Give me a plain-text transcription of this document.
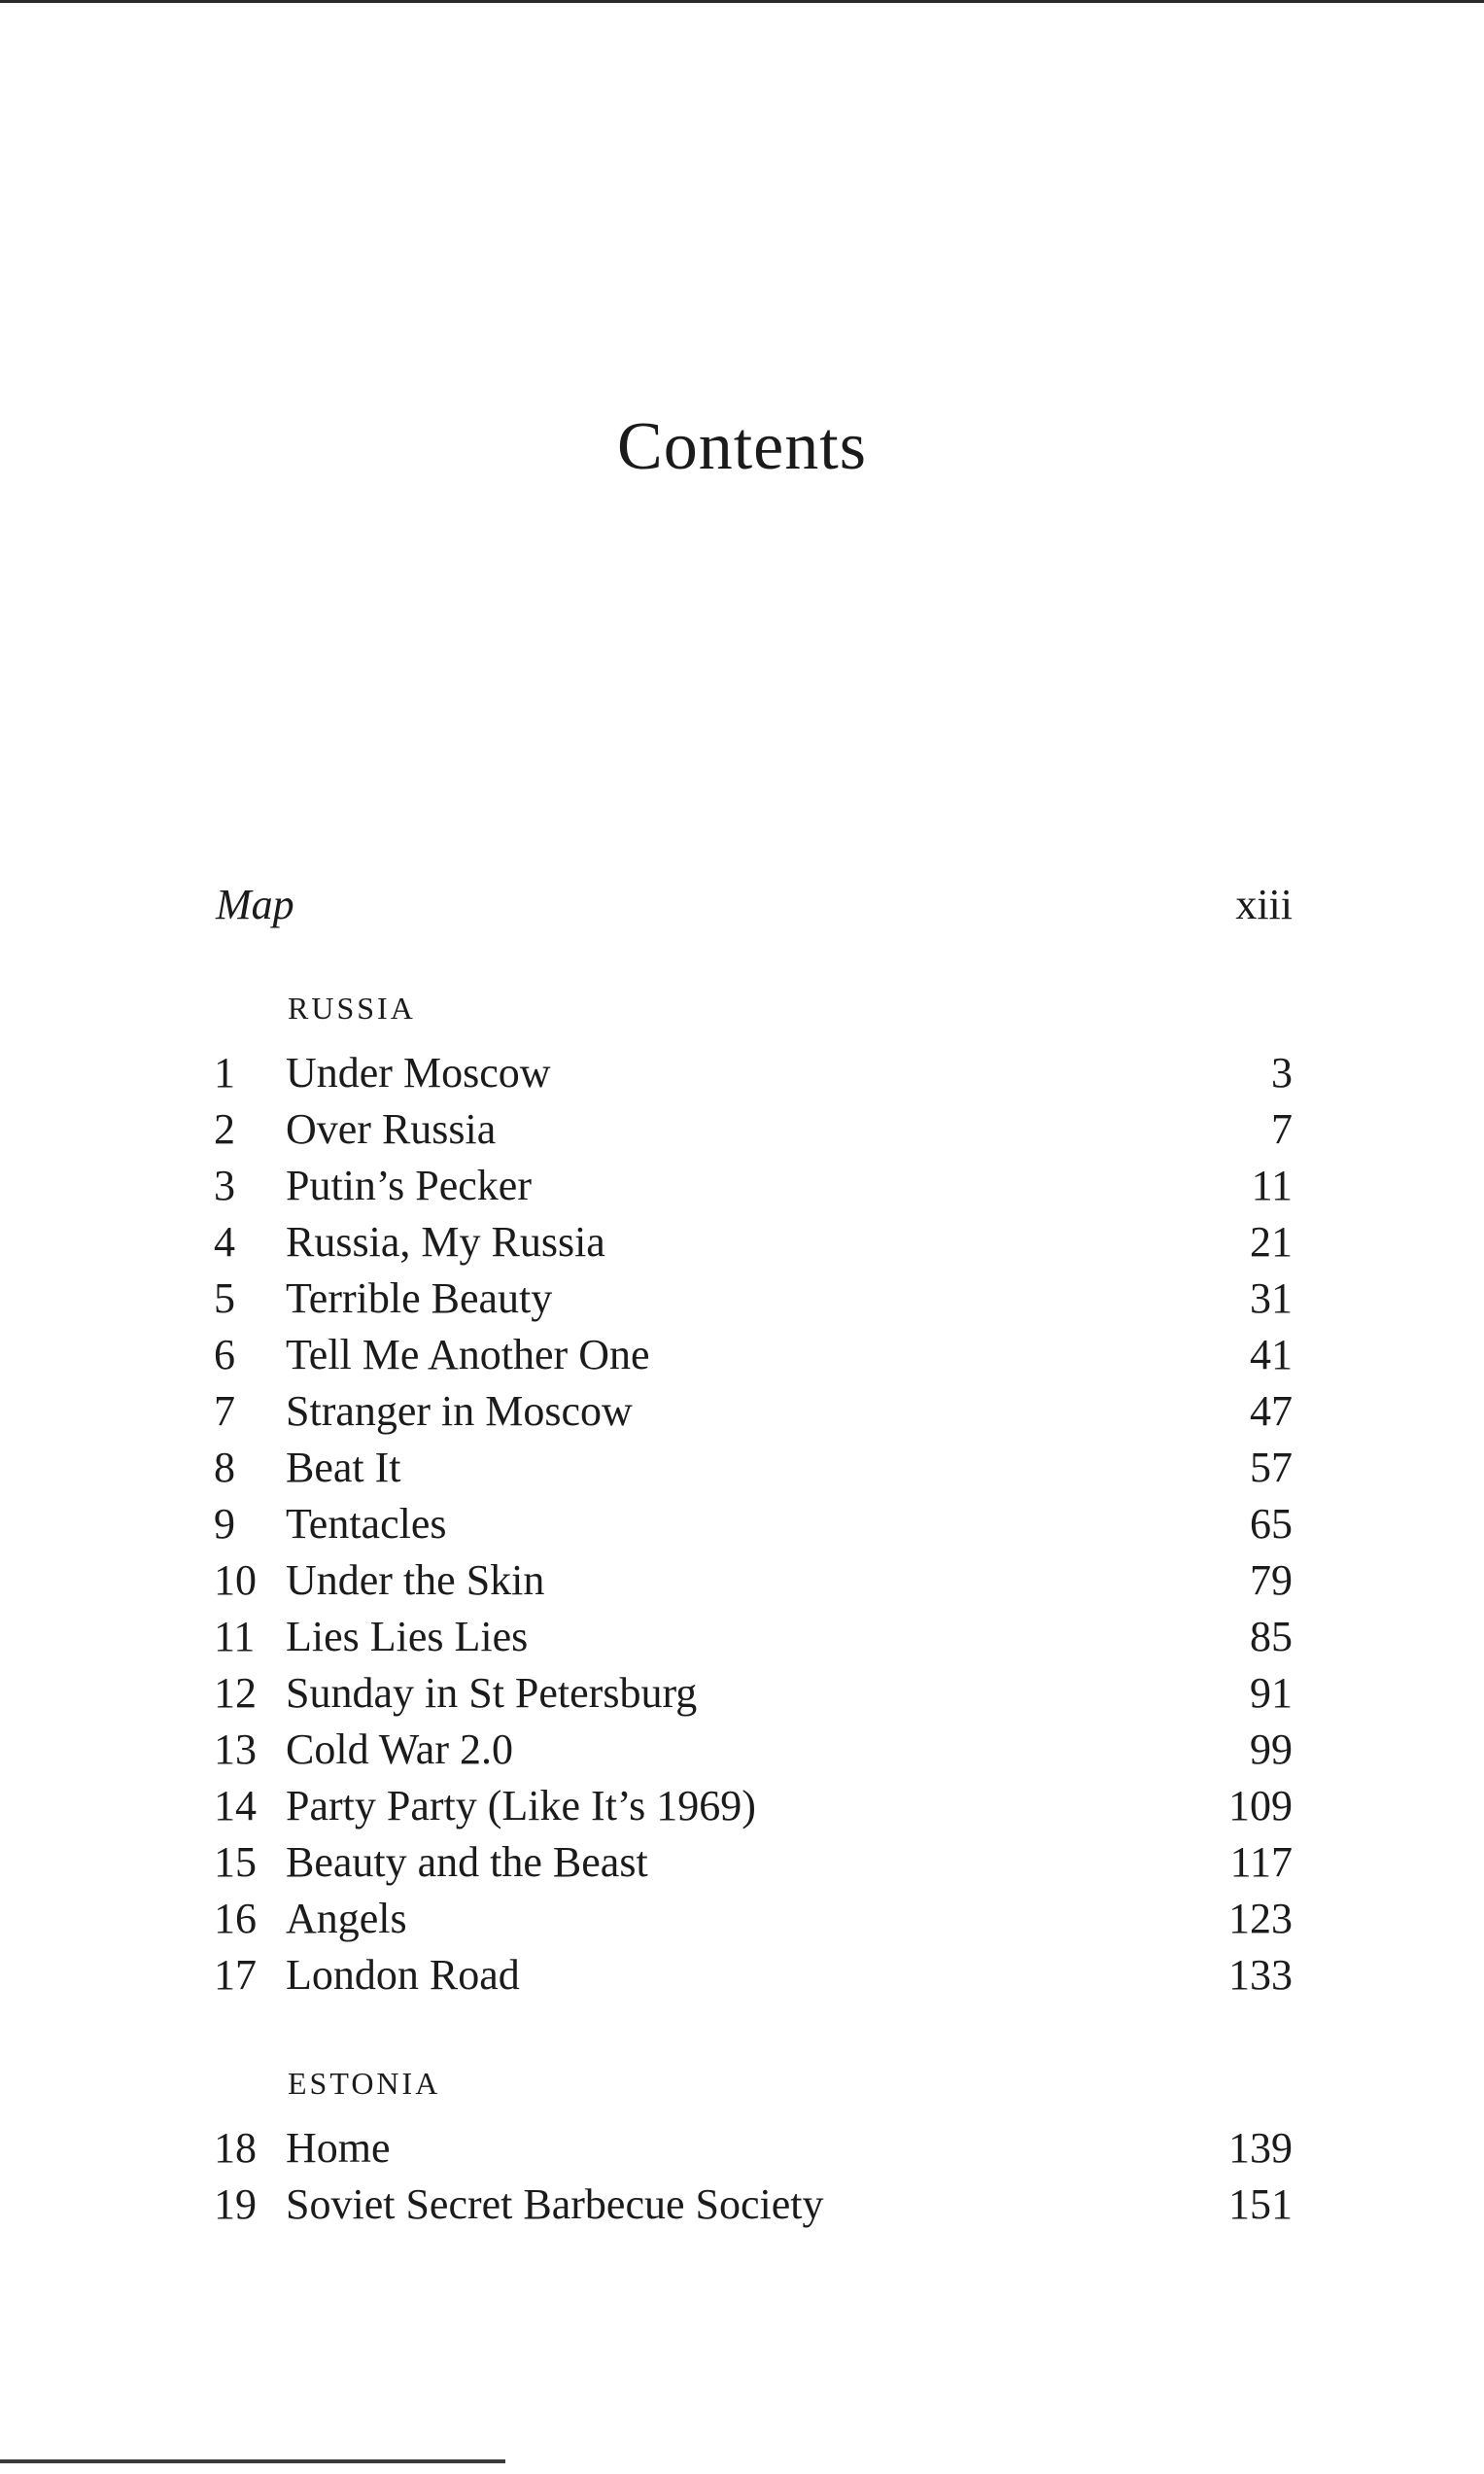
Contents
Map	xiii
RUSSIA
1	Under Moscow	3
2	Over Russia	7
3	Putin’s Pecker	11
4	Russia, My Russia	21
5	Terrible Beauty	31
6	Tell Me Another One	41
7	Stranger in Moscow	47
8	Beat It	57
9	Tentacles	65
10 Under the Skin	79
11 Lies Lies Lies	85
12 Sunday in St Petersburg	91
13 Cold War 2.0	99
14 Party Party (Like It’s 1969)	109
15 Beauty and the Beast	117
16 Angels	123
17 London Road	133
ESTONIA
18 Home	139
19 Soviet Secret Barbecue Society	151
